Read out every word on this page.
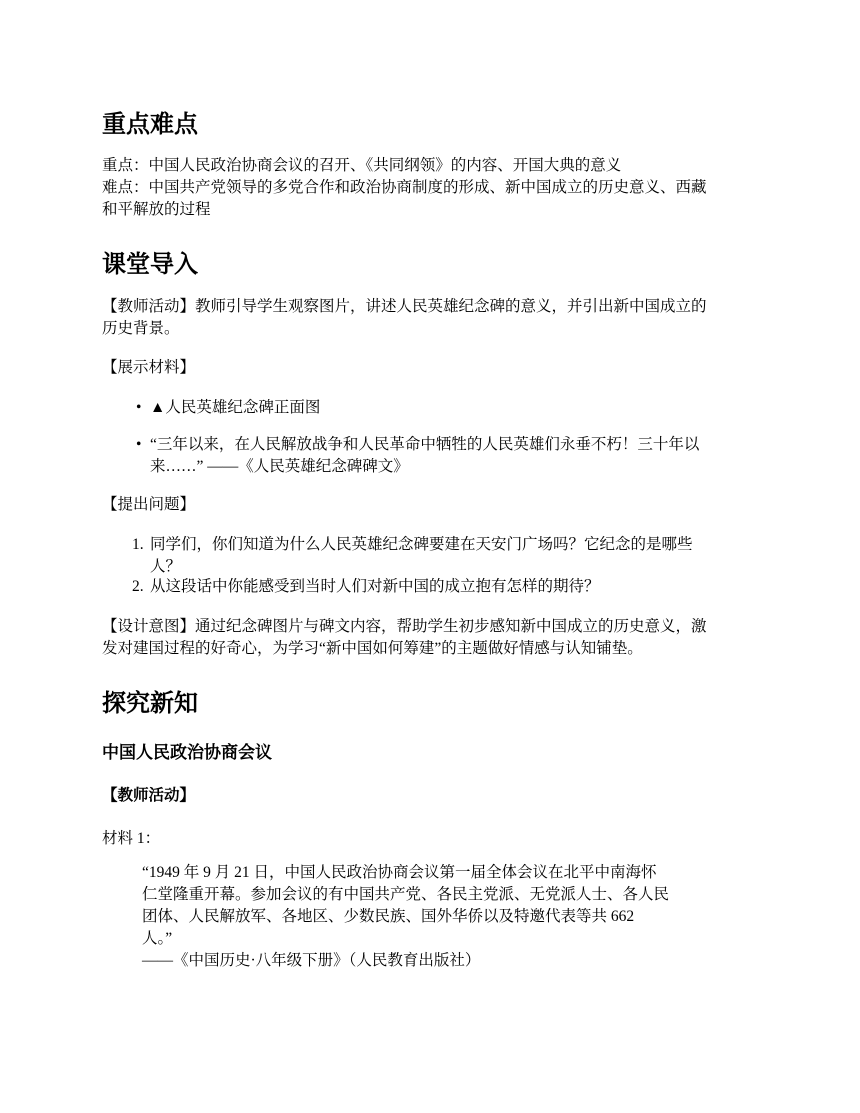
重点难点
重点：中国人民政治协商会议的召开、《共同纲领》的内容、开国大典的意义
难点：中国共产党领导的多党合作和政治协商制度的形成、新中国成立的历史意义、西藏
和平解放的过程
课堂导入
【教师活动】教师引导学生观察图片，讲述人民英雄纪念碑的意义，并引出新中国成立的
历史背景。
【展示材料】
• ▲人民英雄纪念碑正面图
• “三年以来，在人民解放战争和人民革命中牺牲的人民英雄们永垂不朽！三十年以
来……” ——《人民英雄纪念碑碑文》
【提出问题】
1. 同学们，你们知道为什么人民英雄纪念碑要建在天安门广场吗？它纪念的是哪些
人？
2. 从这段话中你能感受到当时人们对新中国的成立抱有怎样的期待？
【设计意图】通过纪念碑图片与碑文内容，帮助学生初步感知新中国成立的历史意义，激
发对建国过程的好奇心，为学习“新中国如何筹建”的主题做好情感与认知铺垫。
探究新知
中国人民政治协商会议
【教师活动】
材料 1：
“1949 年 9 月 21 日，中国人民政治协商会议第一届全体会议在北平中南海怀
仁堂隆重开幕。参加会议的有中国共产党、各民主党派、无党派人士、各人民
团体、人民解放军、各地区、少数民族、国外华侨以及特邀代表等共 662
人。”
——《中国历史·八年级下册》（人民教育出版社）
